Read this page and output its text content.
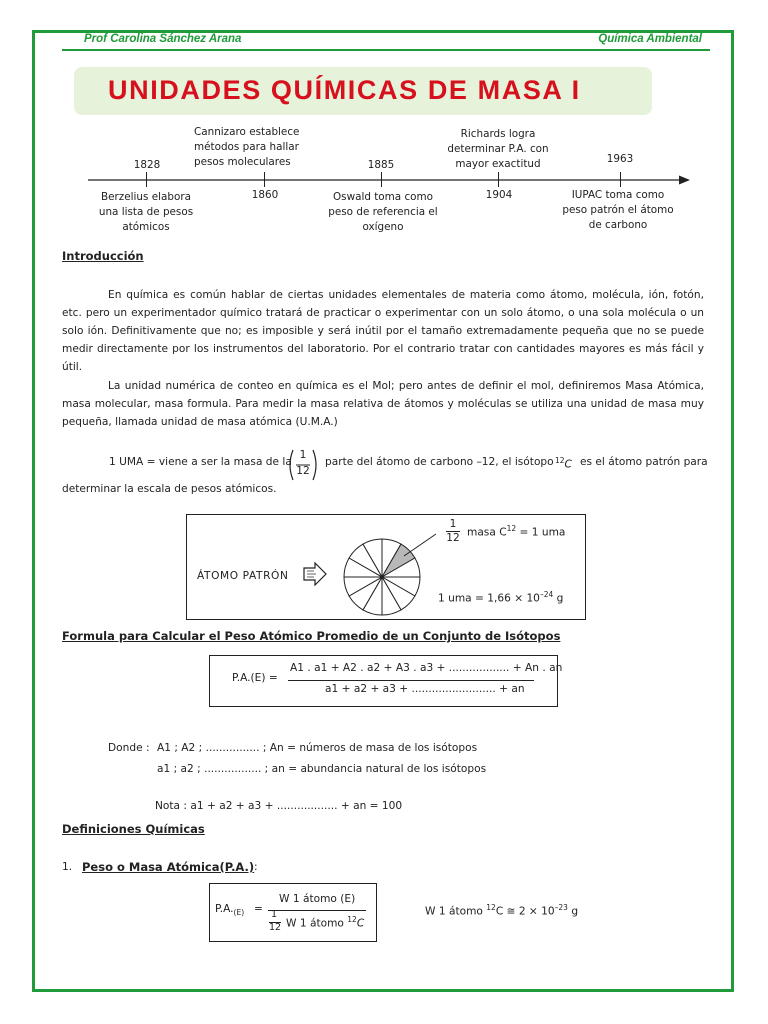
Prof Carolina Sánchez Arana	Química Ambiental
UNIDADES QUÍMICAS DE MASA I
1828
Cannizaro establece métodos para hallar pesos moleculares	1885
Richards logra determinar P.A. con mayor exactitud	1963
Berzelius elabora una lista de pesos atómicos
1860	Oswald toma como peso de referencia el oxígeno
1904	IUPAC toma como peso patrón el átomo de carbono
Introducción
En química es común hablar de ciertas unidades elementales de materia como átomo, molécula, ión, fotón, etc. pero un experimentador químico tratará de practicar o experimentar con un solo átomo, o una sola molécula o un solo ión. Definitivamente que no; es imposible y será inútil por el tamaño extremadamente pequeña que no se puede medir directamente por los instrumentos del laboratorio. Por el contrario tratar con cantidades mayores es más fácil y útil.
La unidad numérica de conteo en química es el Mol; pero antes de definir el mol, definiremos Masa Atómica, masa molecular, masa formula. Para medir la masa relativa de átomos y moléculas se utiliza una unidad de masa muy pequeña, llamada unidad de masa atómica (U.M.A.)
1 UMA = viene a ser la masa de la
1
12
parte del átomo de carbono –12, el isótopo $^{12}$C es el átomo patrón para
determinar la escala de pesos atómicos.
ÁTOMO PATRÓN
1
12 masa $C^{12} = 1$ uma
1 uma = $1,66 \times 10^{-24}$ g
Formula para Calcular el Peso Atómico Promedio de un Conjunto de Isótopos
P.A.(E) =
A1 . a1 + A2 . a2 + A3 . a3 + .................. + An . an
a1 + a2 + a3 + ......................... + an
Donde : A1 ; A2 ; ................ ; An = números de masa de los isótopos
a1 ; a2 ; ................. ; an = abundancia natural de los isótopos
Nota : a1 + a2 + a3 + .................. + an = 100
Definiciones Químicas
1. Peso o Masa Atómica(P.A.) :
$P.A._{(E)}$ =
W 1 átomo (E)
1
12 W 1 átomo $^{12}$C
W 1 átomo $^{12}$C ≅ $2 \times 10^{-23}$ g
